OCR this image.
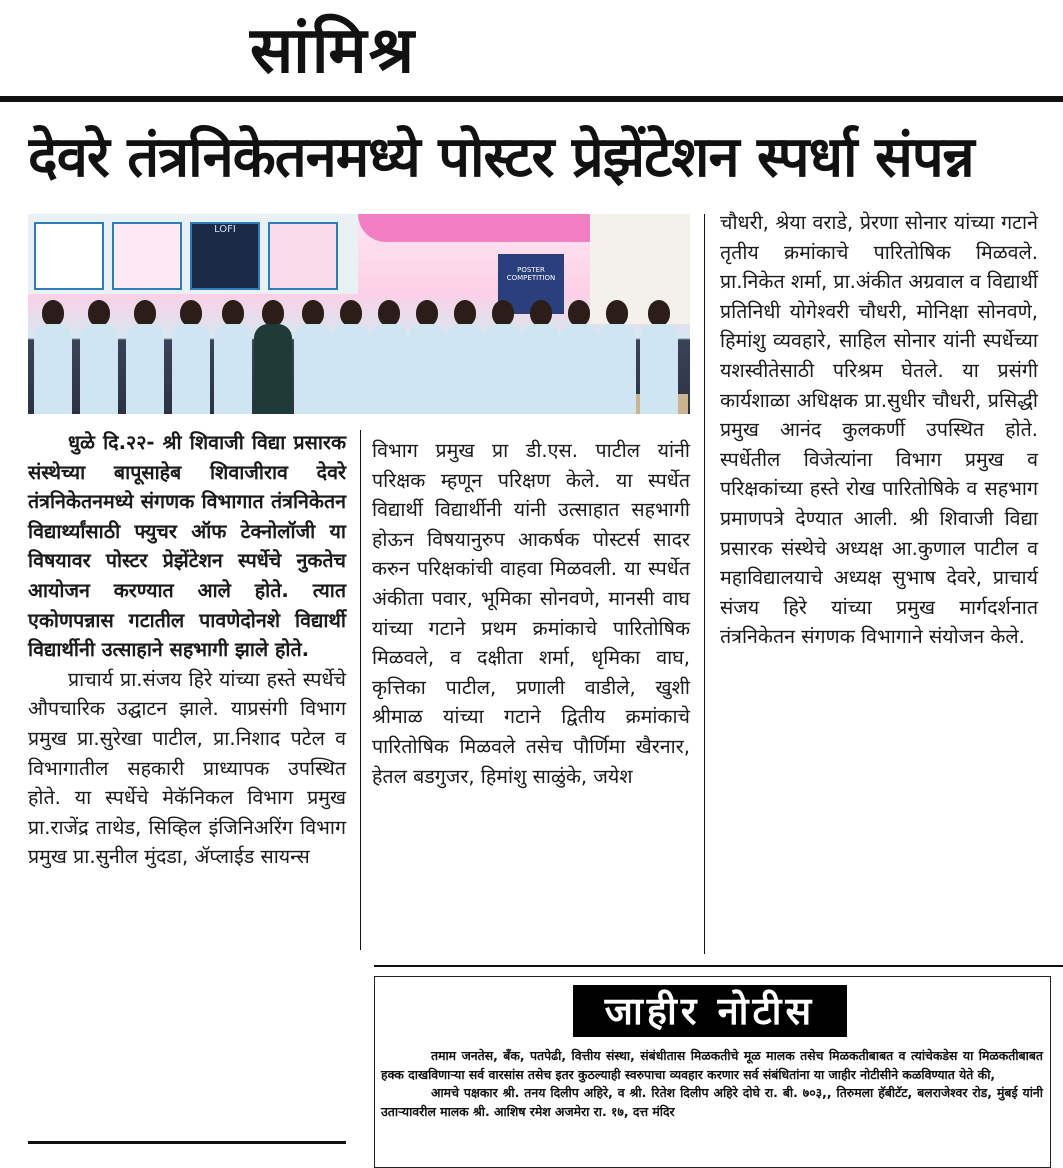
सांमिश्र
देवरे तंत्रनिकेतनमध्ये पोस्टर प्रेझेंटेशन स्पर्धा संपन्न
LOFI
POSTER COMPETITION

धुळे दि.२२- श्री शिवाजी विद्या प्रसारक संस्थेच्या बापूसाहेब शिवाजीराव देवरे तंत्रनिकेतनमध्ये संगणक विभागात तंत्रनिकेतन विद्यार्थ्यांसाठी फ्युचर ऑफ टेक्नोलॉजी या विषयावर पोस्टर प्रेझेंटेशन स्पर्धेचे नुकतेच आयोजन करण्यात आले होते. त्यात एकोणपन्नास गटातील पावणेदोनशे विद्यार्थी विद्यार्थीनी उत्साहाने सहभागी झाले होते.

प्राचार्य प्रा.संजय हिरे यांच्या हस्ते स्पर्धेचे औपचारिक उद्घाटन झाले. याप्रसंगी विभाग प्रमुख प्रा.सुरेखा पाटील, प्रा.निशाद पटेल व विभागातील सहकारी प्राध्यापक उपस्थित होते. या स्पर्धेचे मेकॅनिकल विभाग प्रमुख प्रा.राजेंद्र ताथेड, सिव्हिल इंजिनिअरिंग विभाग प्रमुख प्रा.सुनील मुंदडा, ॲप्लाईड सायन्स

विभाग प्रमुख प्रा डी.एस. पाटील यांनी परिक्षक म्हणून परिक्षण केले. या स्पर्धेत विद्यार्थी विद्यार्थीनी यांनी उत्साहात सहभागी होऊन विषयानुरुप आकर्षक पोस्टर्स सादर करुन परिक्षकांची वाहवा मिळवली. या स्पर्धेत अंकीता पवार, भूमिका सोनवणे, मानसी वाघ यांच्या गटाने प्रथम क्रमांकाचे पारितोषिक मिळवले, व दक्षीता शर्मा, धृमिका वाघ, कृत्तिका पाटील, प्रणाली वाडीले, खुशी श्रीमाळ यांच्या गटाने द्वितीय क्रमांकाचे पारितोषिक मिळवले तसेच पौर्णिमा खैरनार, हेतल बडगुजर, हिमांशु साळुंके, जयेश

चौधरी, श्रेया वराडे, प्रेरणा सोनार यांच्या गटाने तृतीय क्रमांकाचे पारितोषिक मिळवले. प्रा.निकेत शर्मा, प्रा.अंकीत अग्रवाल व विद्यार्थी प्रतिनिधी योगेश्वरी चौधरी, मोनिक्षा सोनवणे, हिमांशु व्यवहारे, साहिल सोनार यांनी स्पर्धेच्या यशस्वीतेसाठी परिश्रम घेतले. या प्रसंगी कार्यशाळा अधिक्षक प्रा.सुधीर चौधरी, प्रसिद्धी प्रमुख आनंद कुलकर्णी उपस्थित होते. स्पर्धेतील विजेत्यांना विभाग प्रमुख व परिक्षकांच्या हस्ते रोख पारितोषिके व सहभाग प्रमाणपत्रे देण्यात आली. श्री शिवाजी विद्या प्रसारक संस्थेचे अध्यक्ष आ.कुणाल पाटील व महाविद्यालयाचे अध्यक्ष सुभाष देवरे, प्राचार्य संजय हिरे यांच्या प्रमुख मार्गदर्शनात तंत्रनिकेतन संगणक विभागाने संयोजन केले.

जाहीर नोटीस

तमाम जनतेस, बँक, पतपेढी, वित्तीय संस्था, संबंधीतास मिळकतीचे मूळ मालक तसेच मिळकतीबाबत व त्यांचेकडेस या मिळकतीबाबत हक्क दाखविणाऱ्या सर्व वारसांस तसेच इतर कुठल्याही स्वरुपाचा व्यवहार करणार सर्व संबंधितांना या जाहीर नोटीसीने कळविण्यात येते की,

आमचे पक्षकार श्री. तनय दिलीप अहिरे, व श्री. रितेश दिलीप अहिरे दोघे रा. बी. ७०३,, तिरुमला हॅबीटॅट, बलराजेश्वर रोड, मुंबई यांनी उताऱ्यावरील मालक श्री. आशिष रमेश अजमेरा रा. १७, दत्त मंदिर
